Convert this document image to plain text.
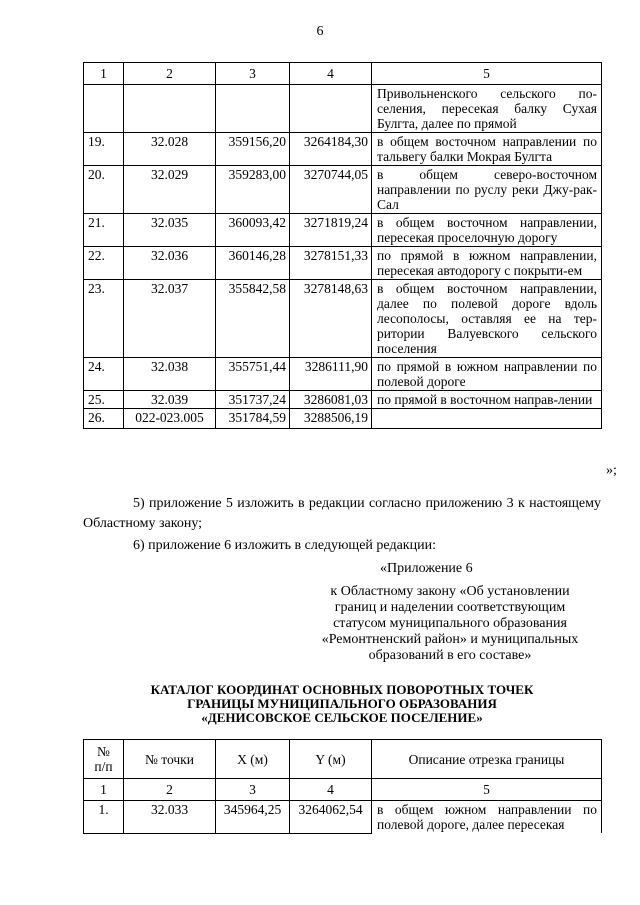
6
1	2	3	4	5
				Привольненского сельского по-селения, пересекая балку Сухая Булгта, далее по прямой
19.	32.028	359156,20	3264184,30	в общем восточном направлении по тальвегу балки Мокрая Булгта
20.	32.029	359283,00	3270744,05	в общем северо-восточном направлении по руслу реки Джу-рак-Сал
21.	32.035	360093,42	3271819,24	в общем восточном направлении, пересекая проселочную дорогу
22.	32.036	360146,28	3278151,33	по прямой в южном направлении, пересекая автодорогу с покрыти-ем
23.	32.037	355842,58	3278148,63	в общем восточном направлении, далее по полевой дороге вдоль лесополосы, оставляя ее на тер-ритории Валуевского сельского поселения
24.	32.038	355751,44	3286111,90	по прямой в южном направлении по полевой дороге
25.	32.039	351737,24	3286081,03	по прямой в восточном направ-лении
26.	022-023.005	351784,59	3288506,19	
»;
5) приложение 5 изложить в редакции согласно приложению 3 к настоящему Областному закону;
6) приложение 6 изложить в следующей редакции:
«Приложение 6
к Областному закону «Об установлении
границ и наделении соответствующим
статусом муниципального образования
«Ремонтненский район» и муниципальных
образований в его составе»
КАТАЛОГ КООРДИНАТ ОСНОВНЫХ ПОВОРОТНЫХ ТОЧЕК
ГРАНИЦЫ МУНИЦИПАЛЬНОГО ОБРАЗОВАНИЯ
«ДЕНИСОВСКОЕ СЕЛЬСКОЕ ПОСЕЛЕНИЕ»
№
п/п	№ точки	X (м)	Y (м)	Описание отрезка границы
1	2	3	4	5
1.	32.033	345964,25	3264062,54	в общем южном направлении по полевой дороге, далее пересекая
